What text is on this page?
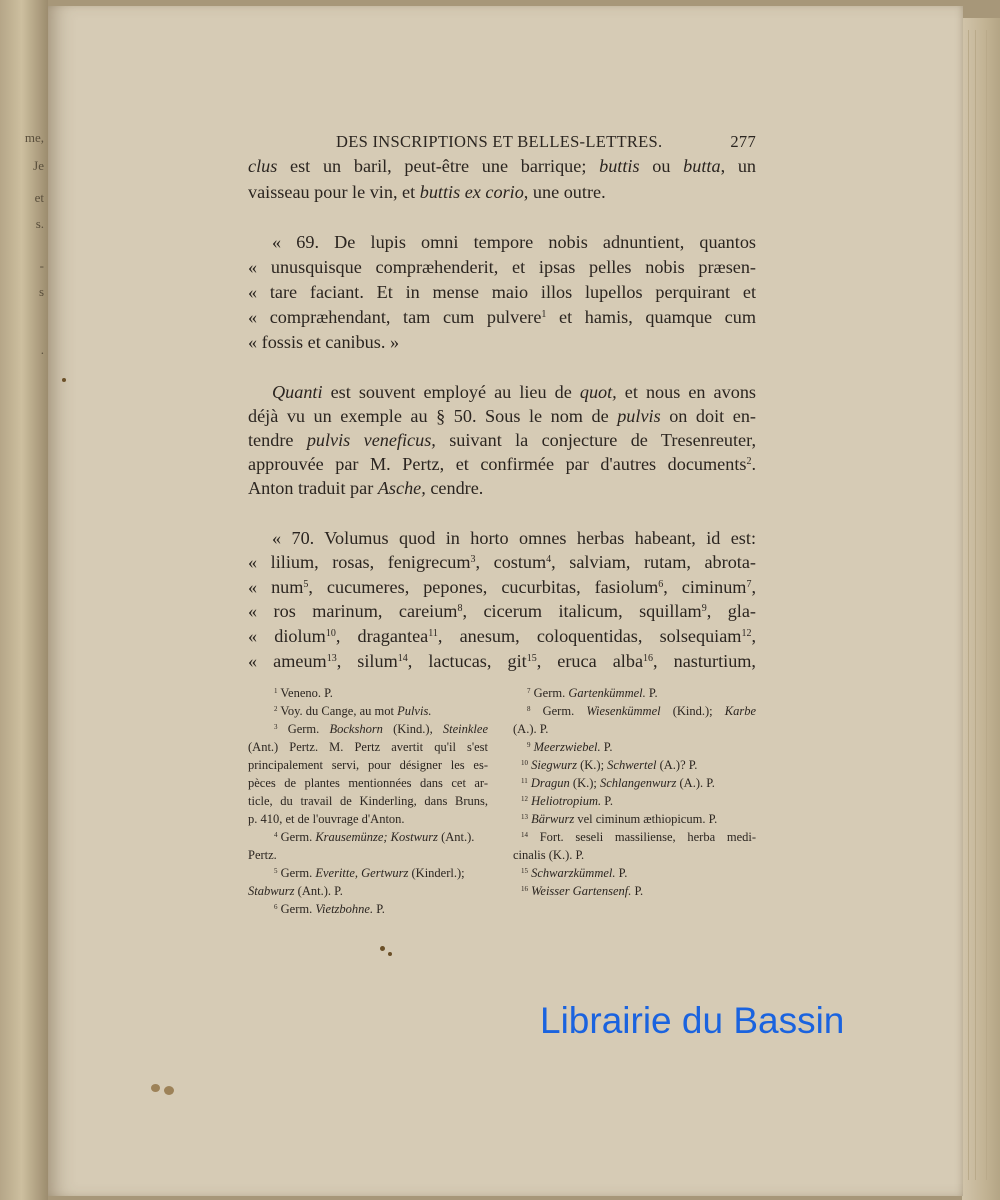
me,
Je
et
s.
-
s
.
DES INSCRIPTIONS ET BELLES-LETTRES.	277
clus est un baril, peut-être une barrique; buttis ou butta, un
vaisseau pour le vin, et buttis ex corio, une outre.
« 69. De lupis omni tempore nobis adnuntient, quantos
« unusquisque compræhenderit, et ipsas pelles nobis præsen-
« tare faciant. Et in mense maio illos lupellos perquirant et
« compræhendant, tam cum pulvere$^1$ et hamis, quamque cum
« fossis et canibus. »
Quanti est souvent employé au lieu de quot, et nous en avons
déjà vu un exemple au § 50. Sous le nom de pulvis on doit en-
tendre pulvis veneficus, suivant la conjecture de Tresenreuter,
approuvée par M. Pertz, et confirmée par d'autres documents$^2$.
Anton traduit par Asche, cendre.
« 70. Volumus quod in horto omnes herbas habeant, id est:
« lilium, rosas, fenigrecum$^3$, costum$^4$, salviam, rutam, abrota-
« num$^5$, cucumeres, pepones, cucurbitas, fasiolum$^6$, ciminum$^7$,
« ros marinum, careium$^8$, cicerum italicum, squillam$^9$, gla-
« diolum$^{10}$, dragantea$^{11}$, anesum, coloquentidas, solsequiam$^{12}$,
« ameum$^{13}$, silum$^{14}$, lactucas, git$^{15}$, eruca alba$^{16}$, nasturtium,
$^1$ Veneno. P.
$^2$ Voy. du Cange, au mot Pulvis.
$^3$ Germ. Bockshorn (Kind.), Steinklee
(Ant.) Pertz. M. Pertz avertit qu'il s'est
principalement servi, pour désigner les es-
pèces de plantes mentionnées dans cet ar-
ticle, du travail de Kinderling, dans Bruns,
p. 410, et de l'ouvrage d'Anton.
$^4$ Germ. Krausemünze; Kostwurz (Ant.).
Pertz.
$^5$ Germ. Everitte, Gertwurz (Kinderl.);
Stabwurz (Ant.). P.
$^6$ Germ. Vietzbohne. P.
$^7$ Germ. Gartenkümmel. P.
$^8$ Germ. Wiesenkümmel (Kind.); Karbe
(A.). P.
$^9$ Meerzwiebel. P.
$^{10}$ Siegwurz (K.); Schwertel (A.)? P.
$^{11}$ Dragun (K.); Schlangenwurz (A.). P.
$^{12}$ Heliotropium. P.
$^{13}$ Bärwurz vel ciminum æthiopicum. P.
$^{14}$ Fort. seseli massiliense, herba medi-
cinalis (K.). P.
$^{15}$ Schwarzkümmel. P.
$^{16}$ Weisser Gartensenf. P.
Librairie du Bassin
